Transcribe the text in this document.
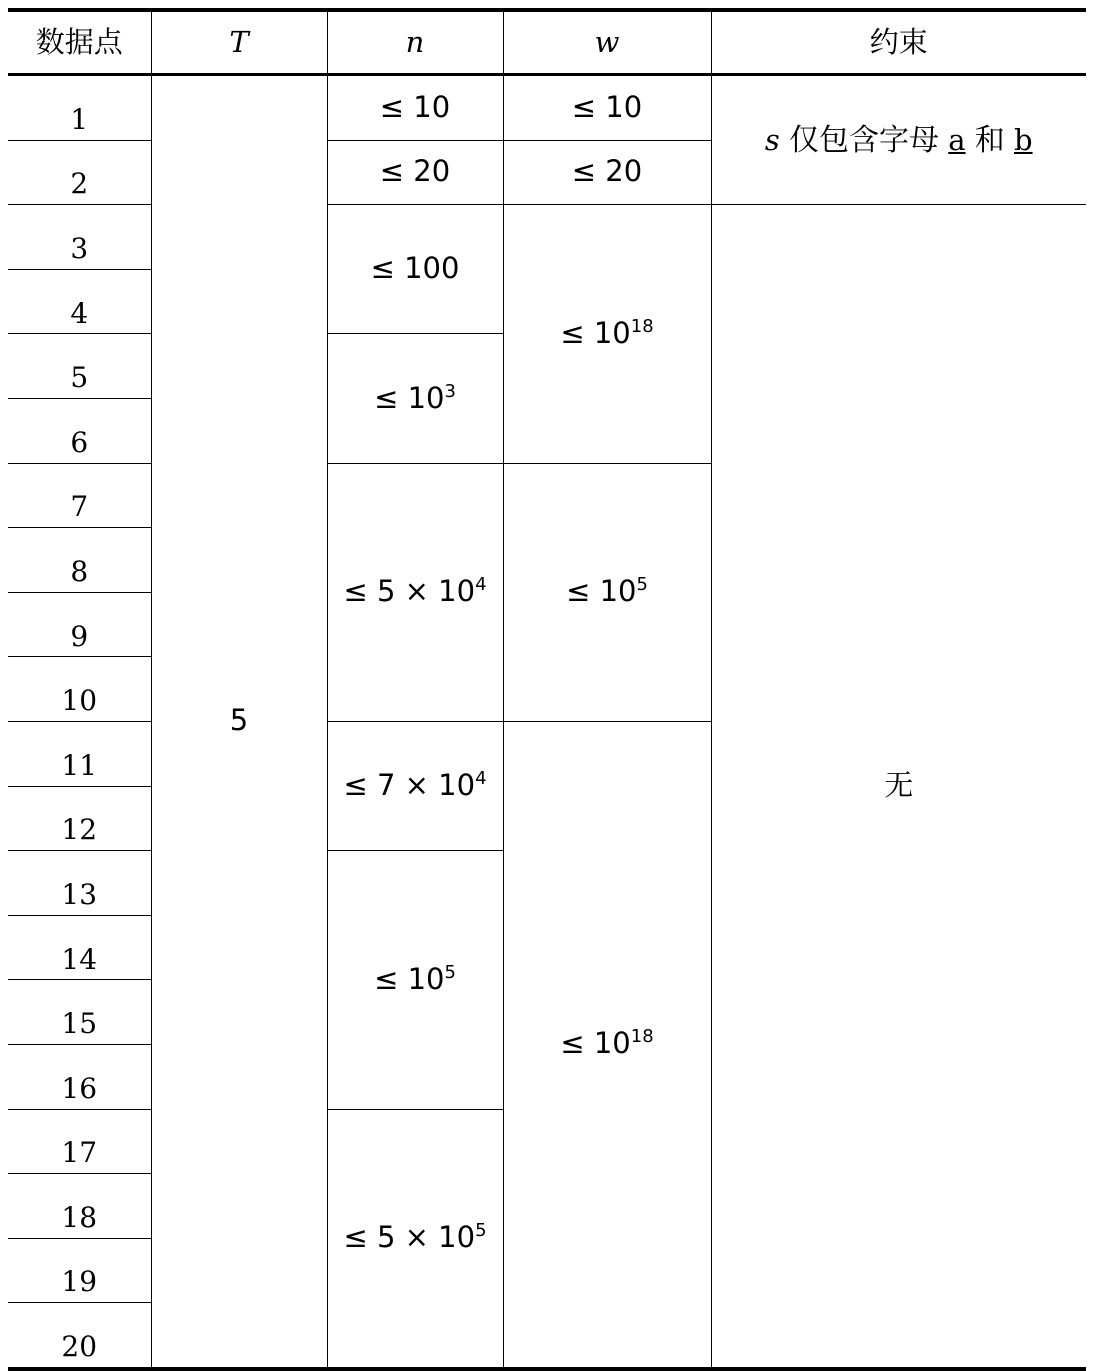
数据点	T	n	w	约束
1	5	≤ 10	≤ 10	s 仅包含字母 a 和 b
2		≤ 20	≤ 20	
3		≤ 100	≤ $10^{18}$	无
4				
5		≤ $10^3$
6				
7		≤ $5 \times 10^4$	≤ $10^5$
8				
9				
10				
11		≤ $7 \times 10^4$	≤ $10^{18}$
12				
13		≤ $10^5$
14				
15				
16				
17		≤ $5 \times 10^5$
18				
19				
20				
